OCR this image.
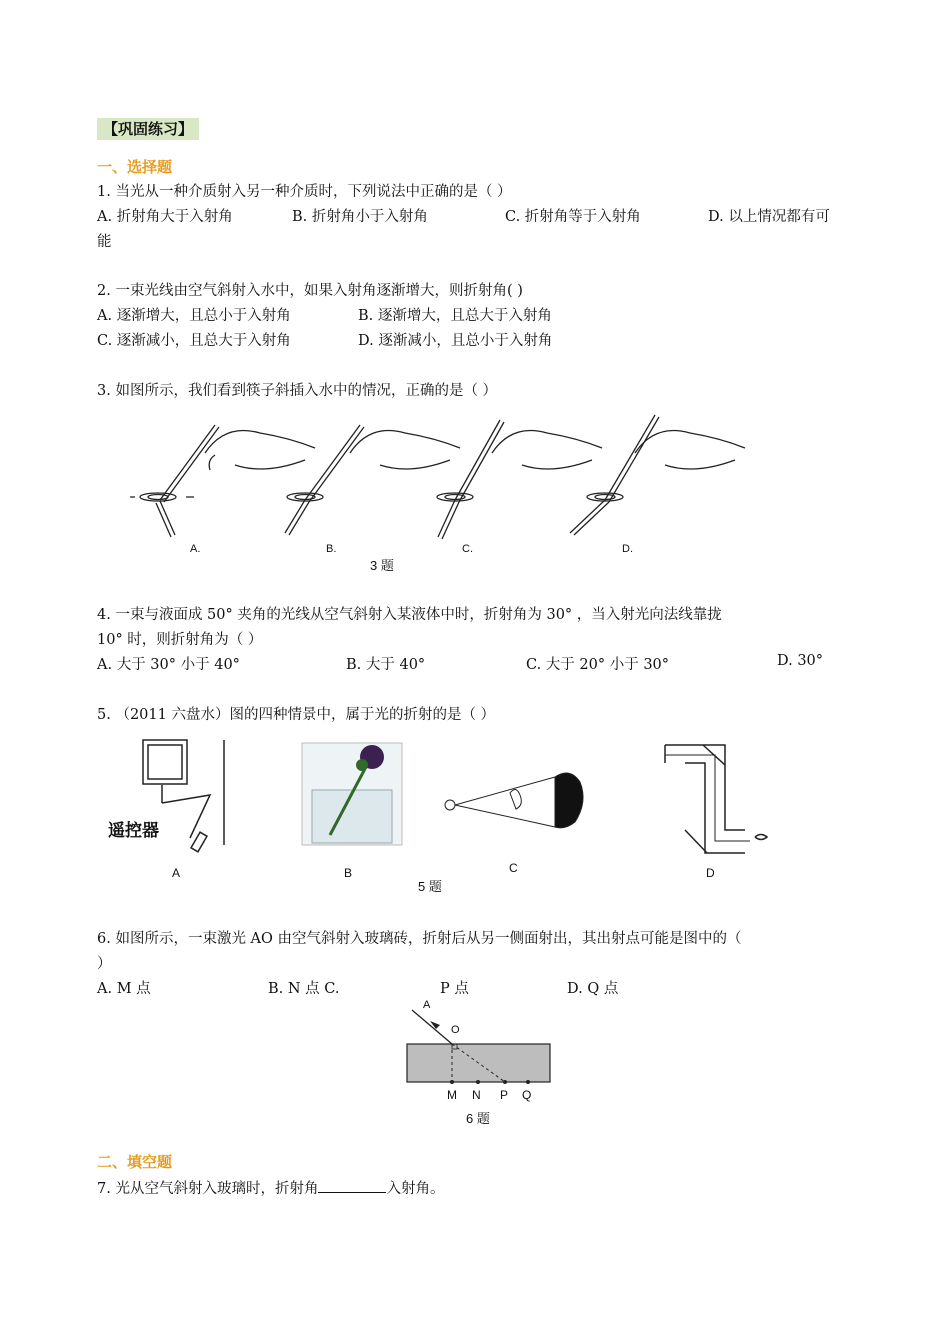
【巩固练习】
一、选择题
1. 当光从一种介质射入另一种介质时，下列说法中正确的是（ ）
A. 折射角大于入射角	B. 折射角小于入射角	C. 折射角等于入射角	D. 以上情况都有可
能
2. 一束光线由空气斜射入水中，如果入射角逐渐增大，则折射角( )
A. 逐渐增大，且总小于入射角	B. 逐渐增大，且总大于入射角
C. 逐渐减小，且总大于入射角	D. 逐渐减小，且总小于入射角
3. 如图所示，我们看到筷子斜插入水中的情况，正确的是（ ）
A.	B.	C.	D.
3 题
4. 一束与液面成 50° 夹角的光线从空气斜射入某液体中时，折射角为 30° ，当入射光向法线靠拢
10° 时，则折射角为（ ）
A. 大于 30° 小于 40°	B. 大于 40°	C. 大于 20° 小于 30°	D. 30°
5. （2011 六盘水）图的四种情景中，属于光的折射的是（ ）
遥控器
A	B	C	D
5 题
6. 如图所示，一束激光 AO 由空气斜射入玻璃砖，折射后从另一侧面射出，其出射点可能是图中的（
）
A. M 点	B. N 点 C.	P 点	D. Q 点
A
O
M N P Q
6 题
二、填空题
7. 光从空气斜射入玻璃时，折射角	入射角。
